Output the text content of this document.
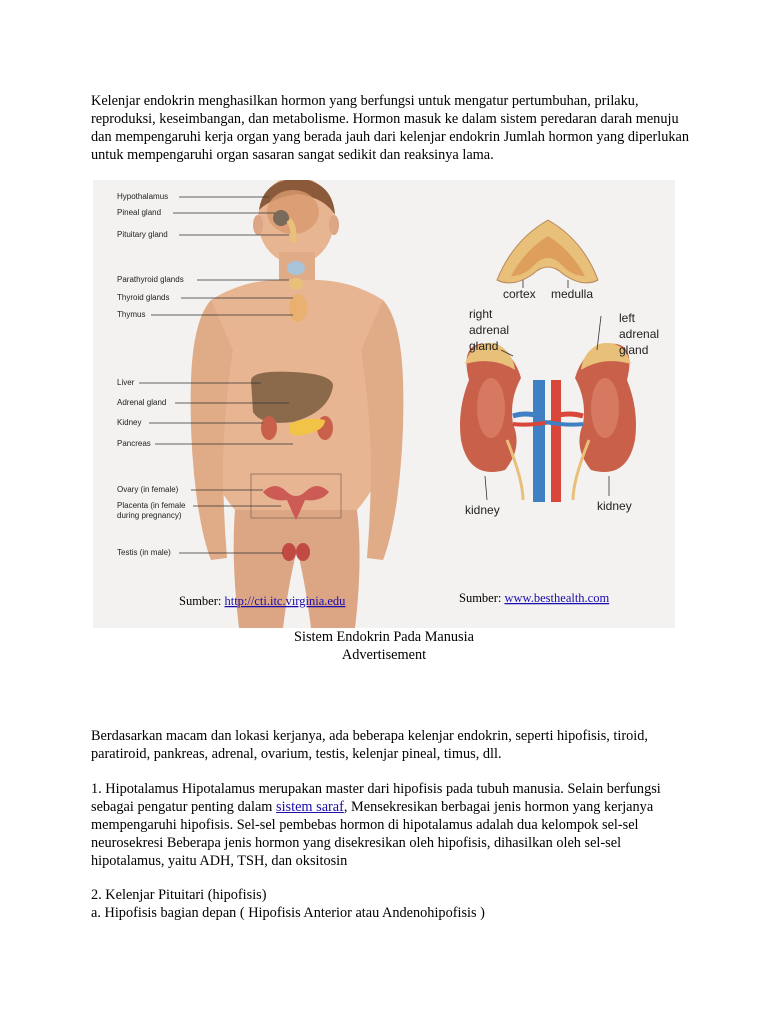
Kelenjar endokrin menghasilkan hormon yang berfungsi untuk mengatur pertumbuhan, prilaku, reproduksi, keseimbangan, dan metabolisme. Hormon masuk ke dalam sistem peredaran darah menuju dan mempengaruhi kerja organ yang berada jauh dari kelenjar endokrin Jumlah hormon yang diperlukan untuk mempengaruhi organ sasaran sangat sedikit dan reaksinya lama.
Hypothalamus
Pineal gland
Pituitary gland
Parathyroid glands
Thyroid glands
Thymus
Liver
Adrenal gland
Kidney
Pancreas
Ovary (in female)
Placenta (in female
during pregnancy)
Testis (in male)
Sumber: http://cti.itc.virginia.edu
cortex medulla
right
adrenal
gland
left
adrenal
gland
kidney	kidney
Sumber: www.besthealth.com
Sistem Endokrin Pada Manusia
Advertisement
Berdasarkan macam dan lokasi kerjanya, ada beberapa kelenjar endokrin, seperti hipofisis, tiroid, paratiroid, pankreas, adrenal, ovarium, testis, kelenjar pineal, timus, dll.
1. Hipotalamus Hipotalamus merupakan master dari hipofisis pada tubuh manusia. Selain berfungsi sebagai pengatur penting dalam sistem saraf, Mensekresikan berbagai jenis hormon yang kerjanya mempengaruhi hipofisis. Sel-sel pembebas hormon di hipotalamus adalah dua kelompok sel-sel neurosekresi Beberapa jenis hormon yang disekresikan oleh hipofisis, dihasilkan oleh sel-sel hipotalamus, yaitu ADH, TSH, dan oksitosin
2. Kelenjar Pituitari (hipofisis)
a. Hipofisis bagian depan ( Hipofisis Anterior atau Andenohipofisis )
